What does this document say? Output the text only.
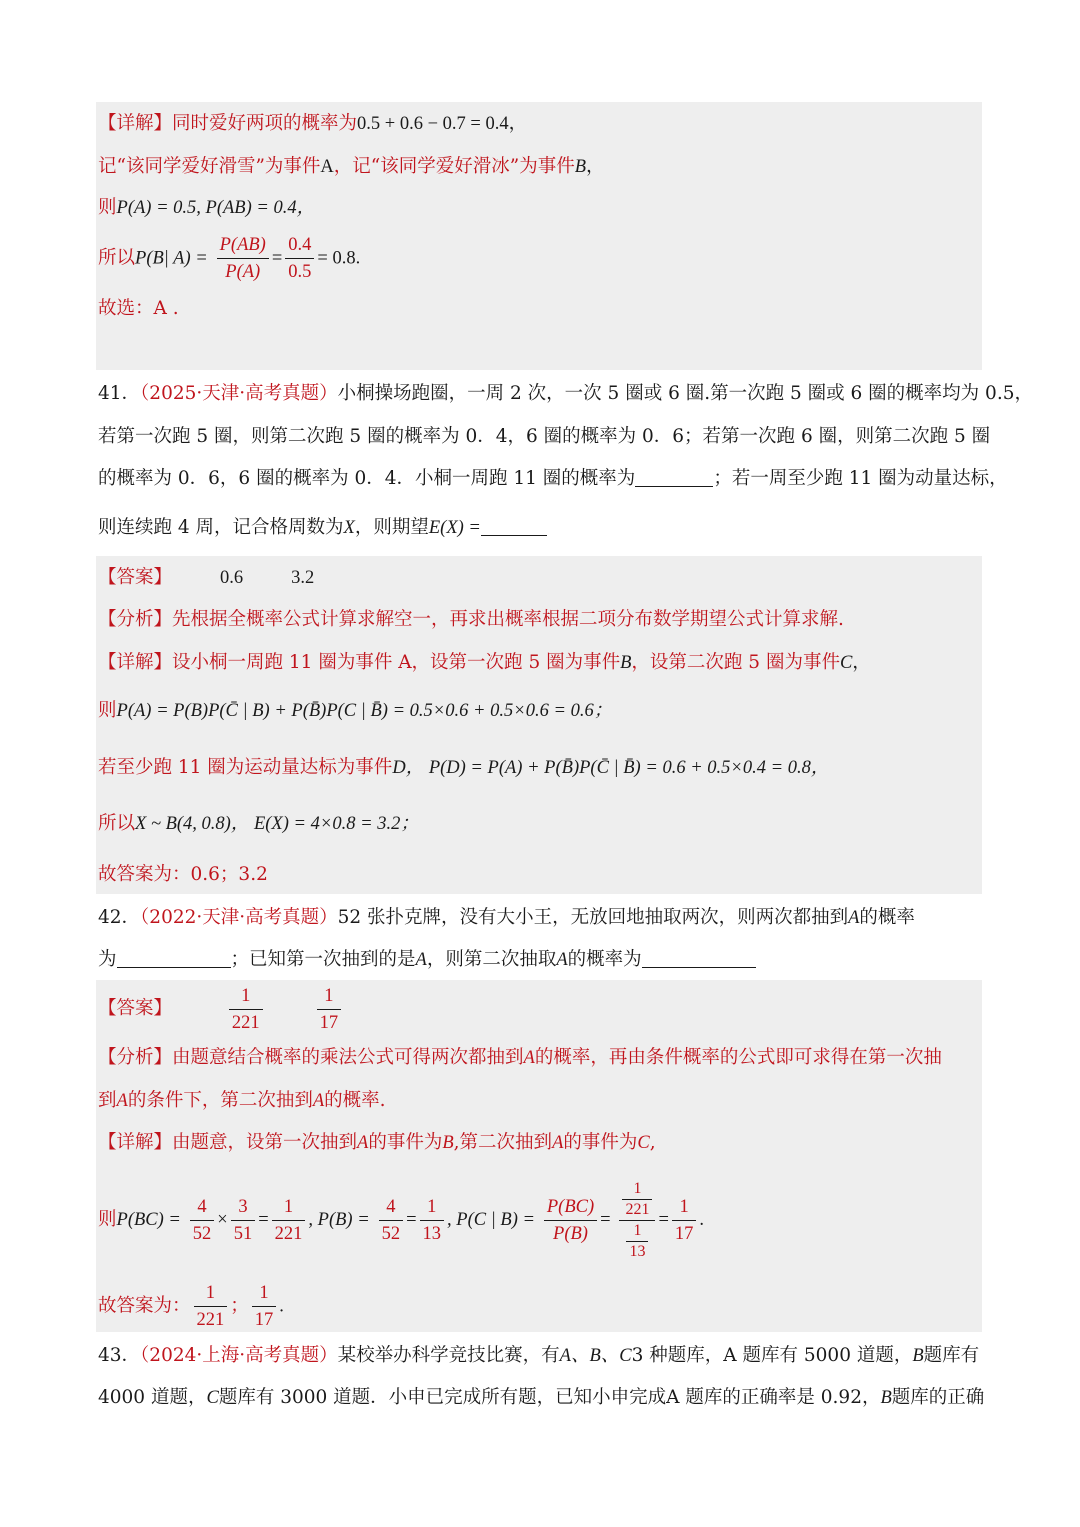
【详解】同时爱好两项的概率为0.5 + 0.6 − 0.7 = 0.4，
记“该同学爱好滑雪”为事件A，记“该同学爱好滑冰”为事件B，
则P(A) = 0.5, P(AB) = 0.4，
所以P(B| $A) = \frac{P(AB)}{P(A)} = \frac{0.4}{0.5} = 0.8$.
故选：A .
41．（2025·天津·高考真题）小桐操场跑圈，一周 2 次，一次 5 圈或 6 圈.第一次跑 5 圈或 6 圈的概率均为 0.5，
若第一次跑 5 圈，则第二次跑 5 圈的概率为 0．4，6 圈的概率为 0．6；若第一次跑 6 圈，则第二次跑 5 圈
的概率为 0．6，6 圈的概率为 0．4．小桐一周跑 11 圈的概率为	；若一周至少跑 11 圈为动量达标，
则连续跑 4 周，记合格周数为X，则期望E(X) =
【答案】	0.6	3.2
【分析】先根据全概率公式计算求解空一，再求出概率根据二项分布数学期望公式计算求解.
【详解】设小桐一周跑 11 圈为事件 A，设第一次跑 5 圈为事件B，设第二次跑 5 圈为事件C，
则P(A) = P(B)P(C̄ | B) + P(B̄)P(C | B̄) = 0.5×0.6 + 0.5×0.6 = 0.6；
若至少跑 11 圈为运动量达标为事件D， P(D) = P(A) + P(B̄)P(C̄ | B̄) = 0.6 + 0.5×0.4 = 0.8，
所以X ~ B(4, 0.8)， E(X) = 4×0.8 = 3.2；
故答案为：0.6；3.2
42．（2022·天津·高考真题）52 张扑克牌，没有大小王，无放回地抽取两次，则两次都抽到A的概率
为	；已知第一次抽到的是A，则第二次抽取A的概率为
【答案】	$\frac{1}{221}$	$\frac{1}{17}$
【分析】由题意结合概率的乘法公式可得两次都抽到A的概率，再由条件概率的公式即可求得在第一次抽
到A的条件下，第二次抽到A的概率.
【详解】由题意，设第一次抽到A的事件为B,第二次抽到A的事件为C,
则$P(BC) = \frac{4}{52} \times \frac{3}{51} = \frac{1}{221}$ , $P(B) = \frac{4}{52} = \frac{1}{13}$ , P(C | $B) = \frac{P(BC)}{P(B)} = \frac{\frac{1}{221}}{\frac{1}{13}} = \frac{1}{17}$ .
故答案为： $\frac{1}{221}$ ； $\frac{1}{17}$ .
43．（2024·上海·高考真题）某校举办科学竞技比赛，有A、B、C3 种题库，A 题库有 5000 道题，B题库有
4000 道题，C题库有 3000 道题．小申已完成所有题，已知小申完成A 题库的正确率是 0.92，B题库的正确
